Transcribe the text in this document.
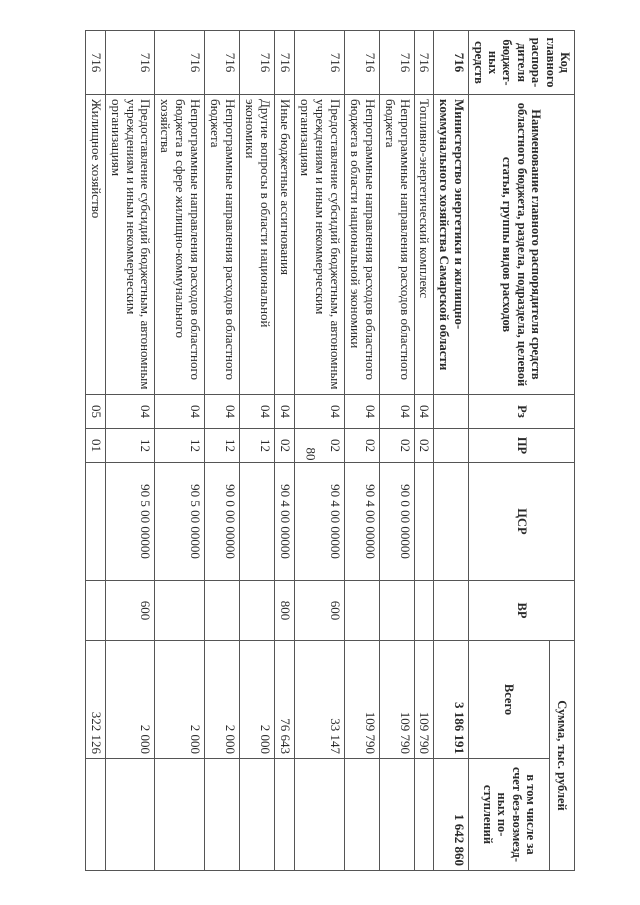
80
Код главного распора-дителя бюджет-ных средств	Наименование главного распорядителя средств областного бюджета, раздела, подраздела, целевой статьи, группы видов расходов	Рз	ПР	ЦСР	ВР	Сумма, тыс. рублей	
						Всего	в том числе за счет без-возмезд-ных по-ступлений
716	Министерство энергетики и жилищно-коммунального хозяйства Самарской области					3 186 191	1 642 860
716	Топливно-энергетический комплекс	04	02			109 790	
716	Непрограммные направления расходов областного бюджета	04	02	90 0 00 00000		109 790	
716	Непрограммные направления расходов областного бюджета в области национальной экономики	04	02	90 4 00 00000		109 790	
716	Предоставление субсидий бюджетным, автономным учреждениям и иным некоммерческим организациям	04	02	90 4 00 00000	600	33 147	
716	Иные бюджетные ассигнования	04	02	90 4 00 00000	800	76 643	
716	Другие вопросы в области национальной экономики	04	12			2 000	
716	Непрограммные направления расходов областного бюджета	04	12	90 0 00 00000		2 000	
716	Непрограммные направления расходов областного бюджета в сфере жилищно-коммунального хозяйства	04	12	90 5 00 00000		2 000	
716	Предоставление субсидий бюджетным, автономным учреждениям и иным некоммерческим организациям	04	12	90 5 00 00000	600	2 000	
716	Жилищное хозяйство	05	01			322 126	
